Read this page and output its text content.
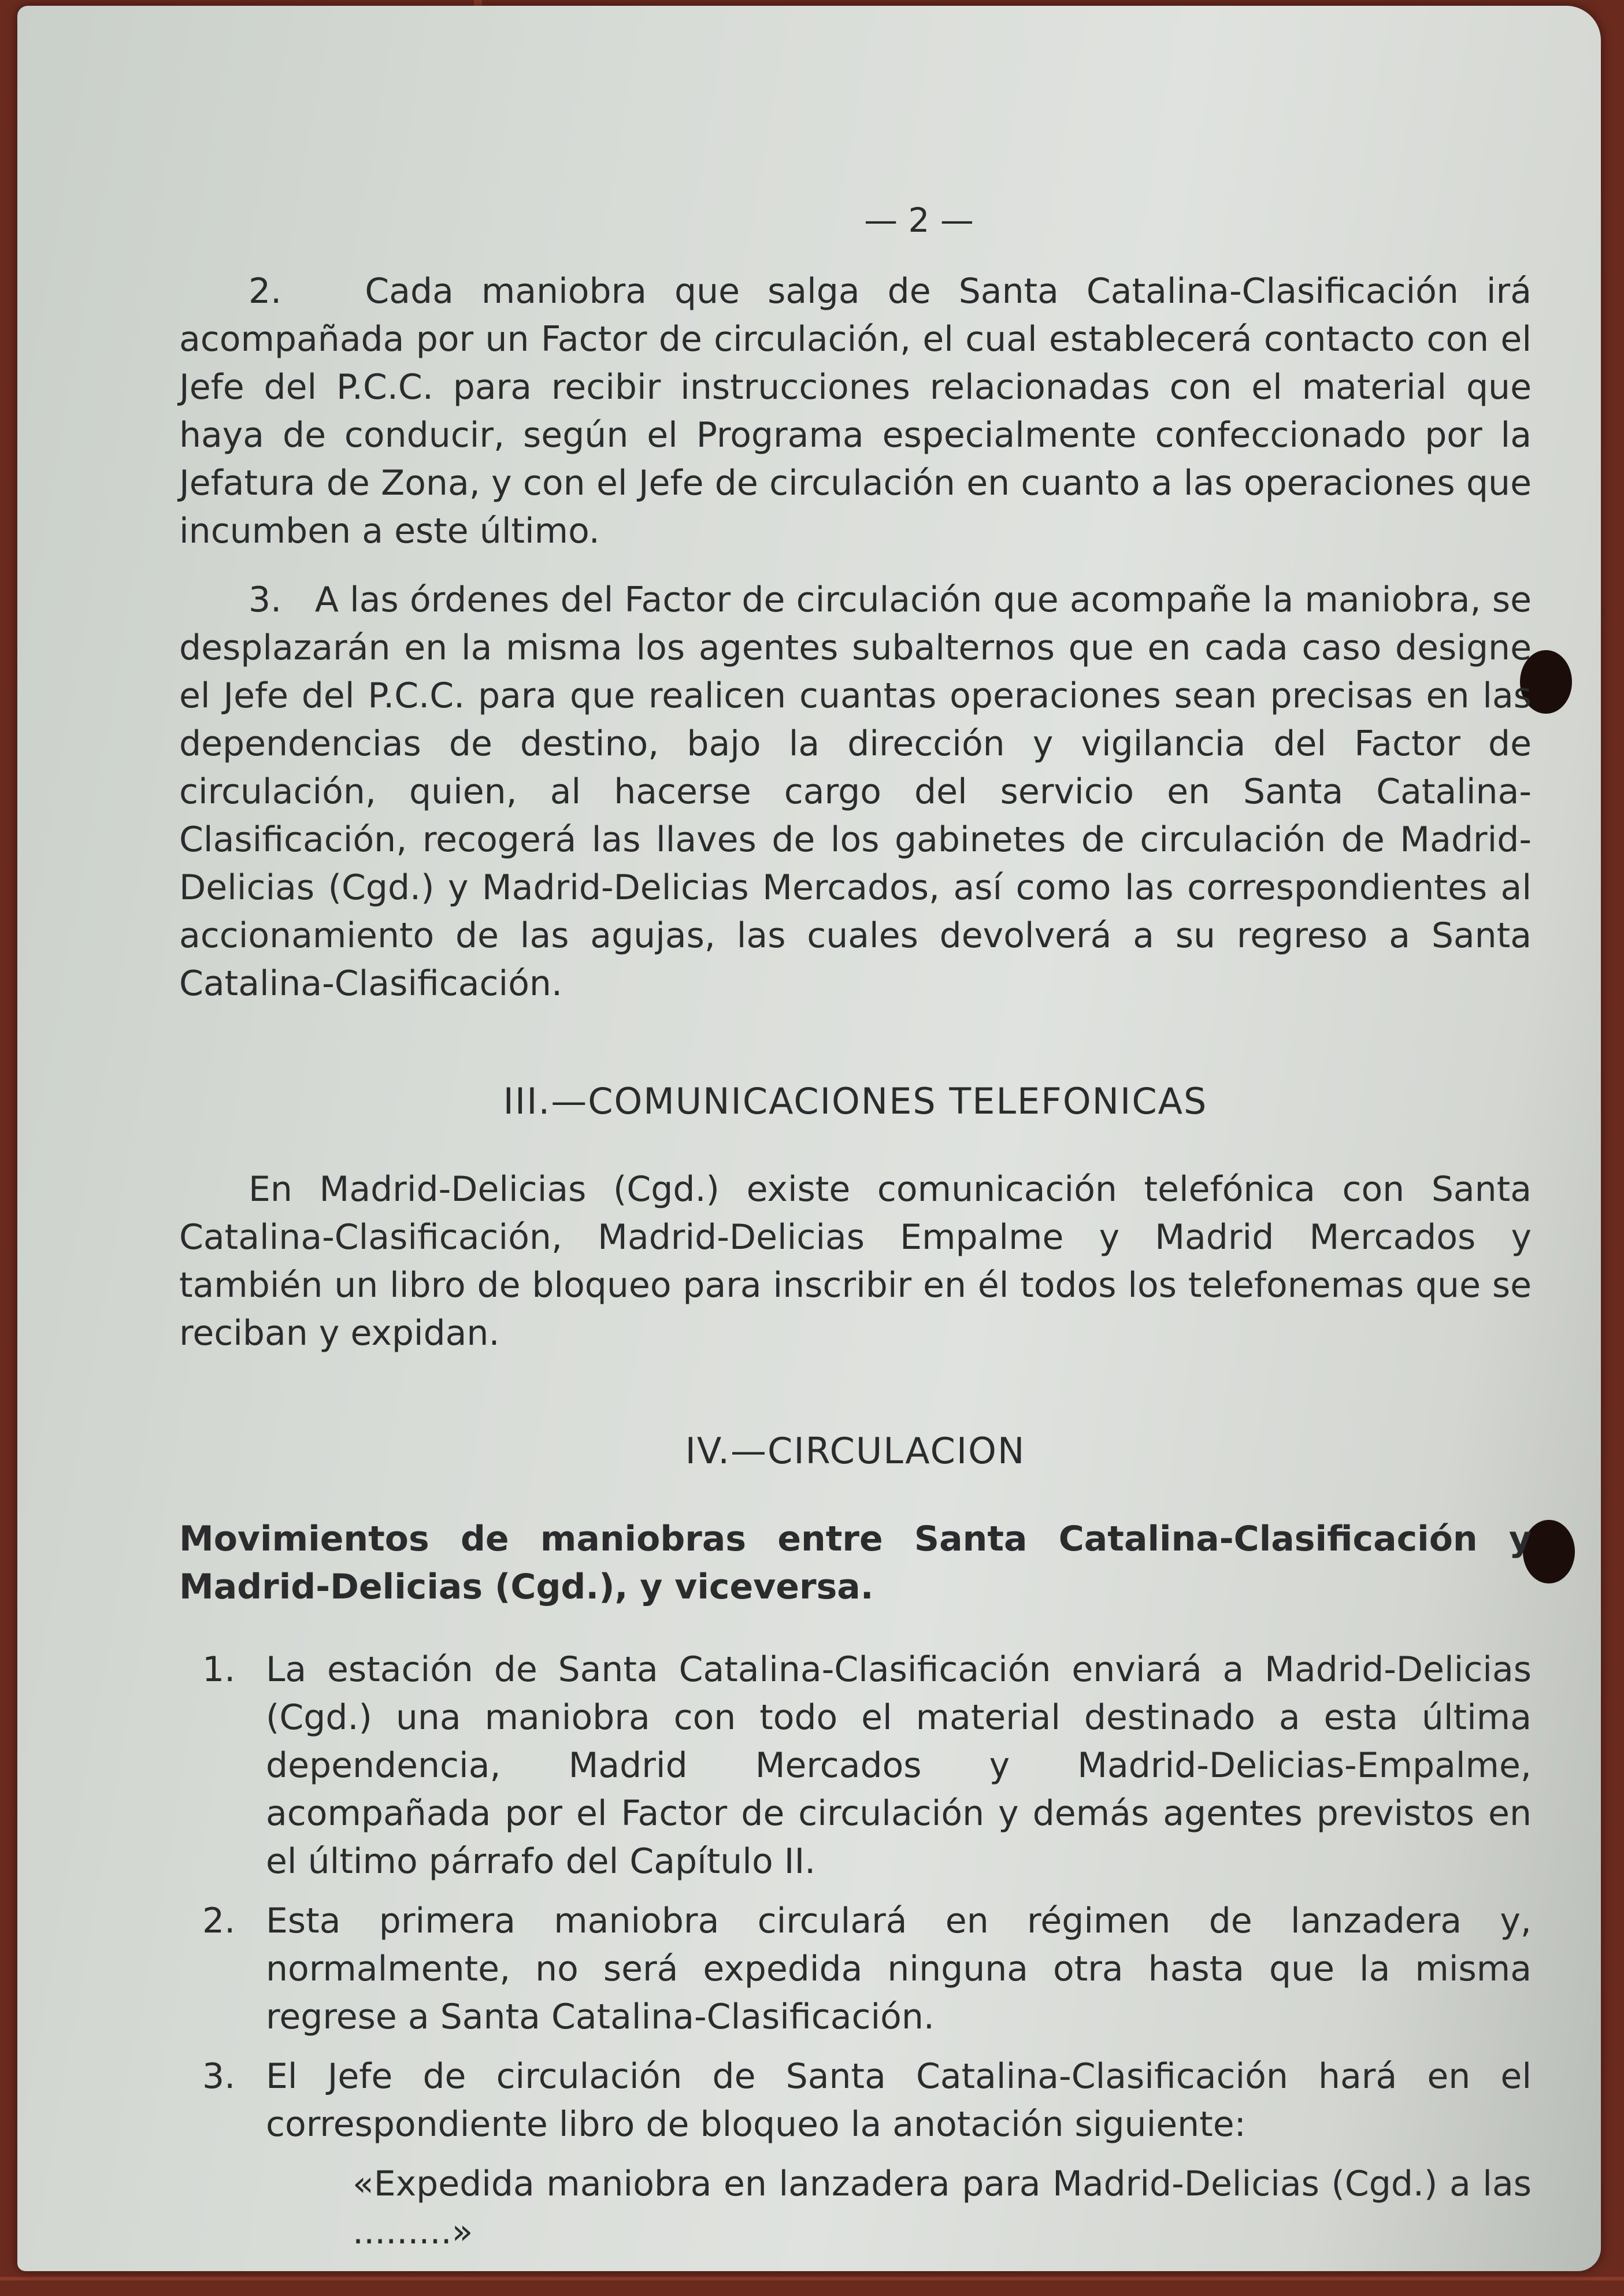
— 2 —

2.   Cada maniobra que salga de Santa Catalina-Clasificación irá acompañada por un Factor de circulación, el cual establecerá contacto con el Jefe del P.C.C. para recibir instrucciones relacionadas con el material que haya de conducir, según el Programa especialmente confeccionado por la Jefatura de Zona, y con el Jefe de circulación en cuanto a las operaciones que incumben a este último.

3.   A las órdenes del Factor de circulación que acompañe la maniobra, se desplazarán en la misma los agentes subalternos que en cada caso designe el Jefe del P.C.C. para que realicen cuantas operaciones sean precisas en las dependencias de destino, bajo la dirección y vigilancia del Factor de circulación, quien, al hacerse cargo del servicio en Santa Catalina-Clasificación, recogerá las llaves de los gabinetes de circulación de Madrid-Delicias (Cgd.) y Madrid-Delicias Mercados, así como las correspondientes al accionamiento de las agujas, las cuales devolverá a su regreso a Santa Catalina-Clasificación.

III.—COMUNICACIONES TELEFONICAS

En Madrid-Delicias (Cgd.) existe comunicación telefónica con Santa Catalina-Clasificación, Madrid-Delicias Empalme y Madrid Mercados y también un libro de bloqueo para inscribir en él todos los telefonemas que se reciban y expidan.

IV.—CIRCULACION
Movimientos de maniobras entre Santa Catalina-Clasificación y Madrid-Delicias (Cgd.), y viceversa.
1. La estación de Santa Catalina-Clasificación enviará a Madrid-Delicias (Cgd.) una maniobra con todo el material destinado a esta última dependencia, Madrid Mercados y Madrid-Delicias-Empalme, acompañada por el Factor de circulación y demás agentes previstos en el último párrafo del Capítulo II.
2. Esta primera maniobra circulará en régimen de lanzadera y, normalmente, no será expedida ninguna otra hasta que la misma regrese a Santa Catalina-Clasificación.
3. El Jefe de circulación de Santa Catalina-Clasificación hará en el correspondiente libro de bloqueo la anotación siguiente:
«Expedida maniobra en lanzadera para Madrid-Delicias (Cgd.) a las .........»
